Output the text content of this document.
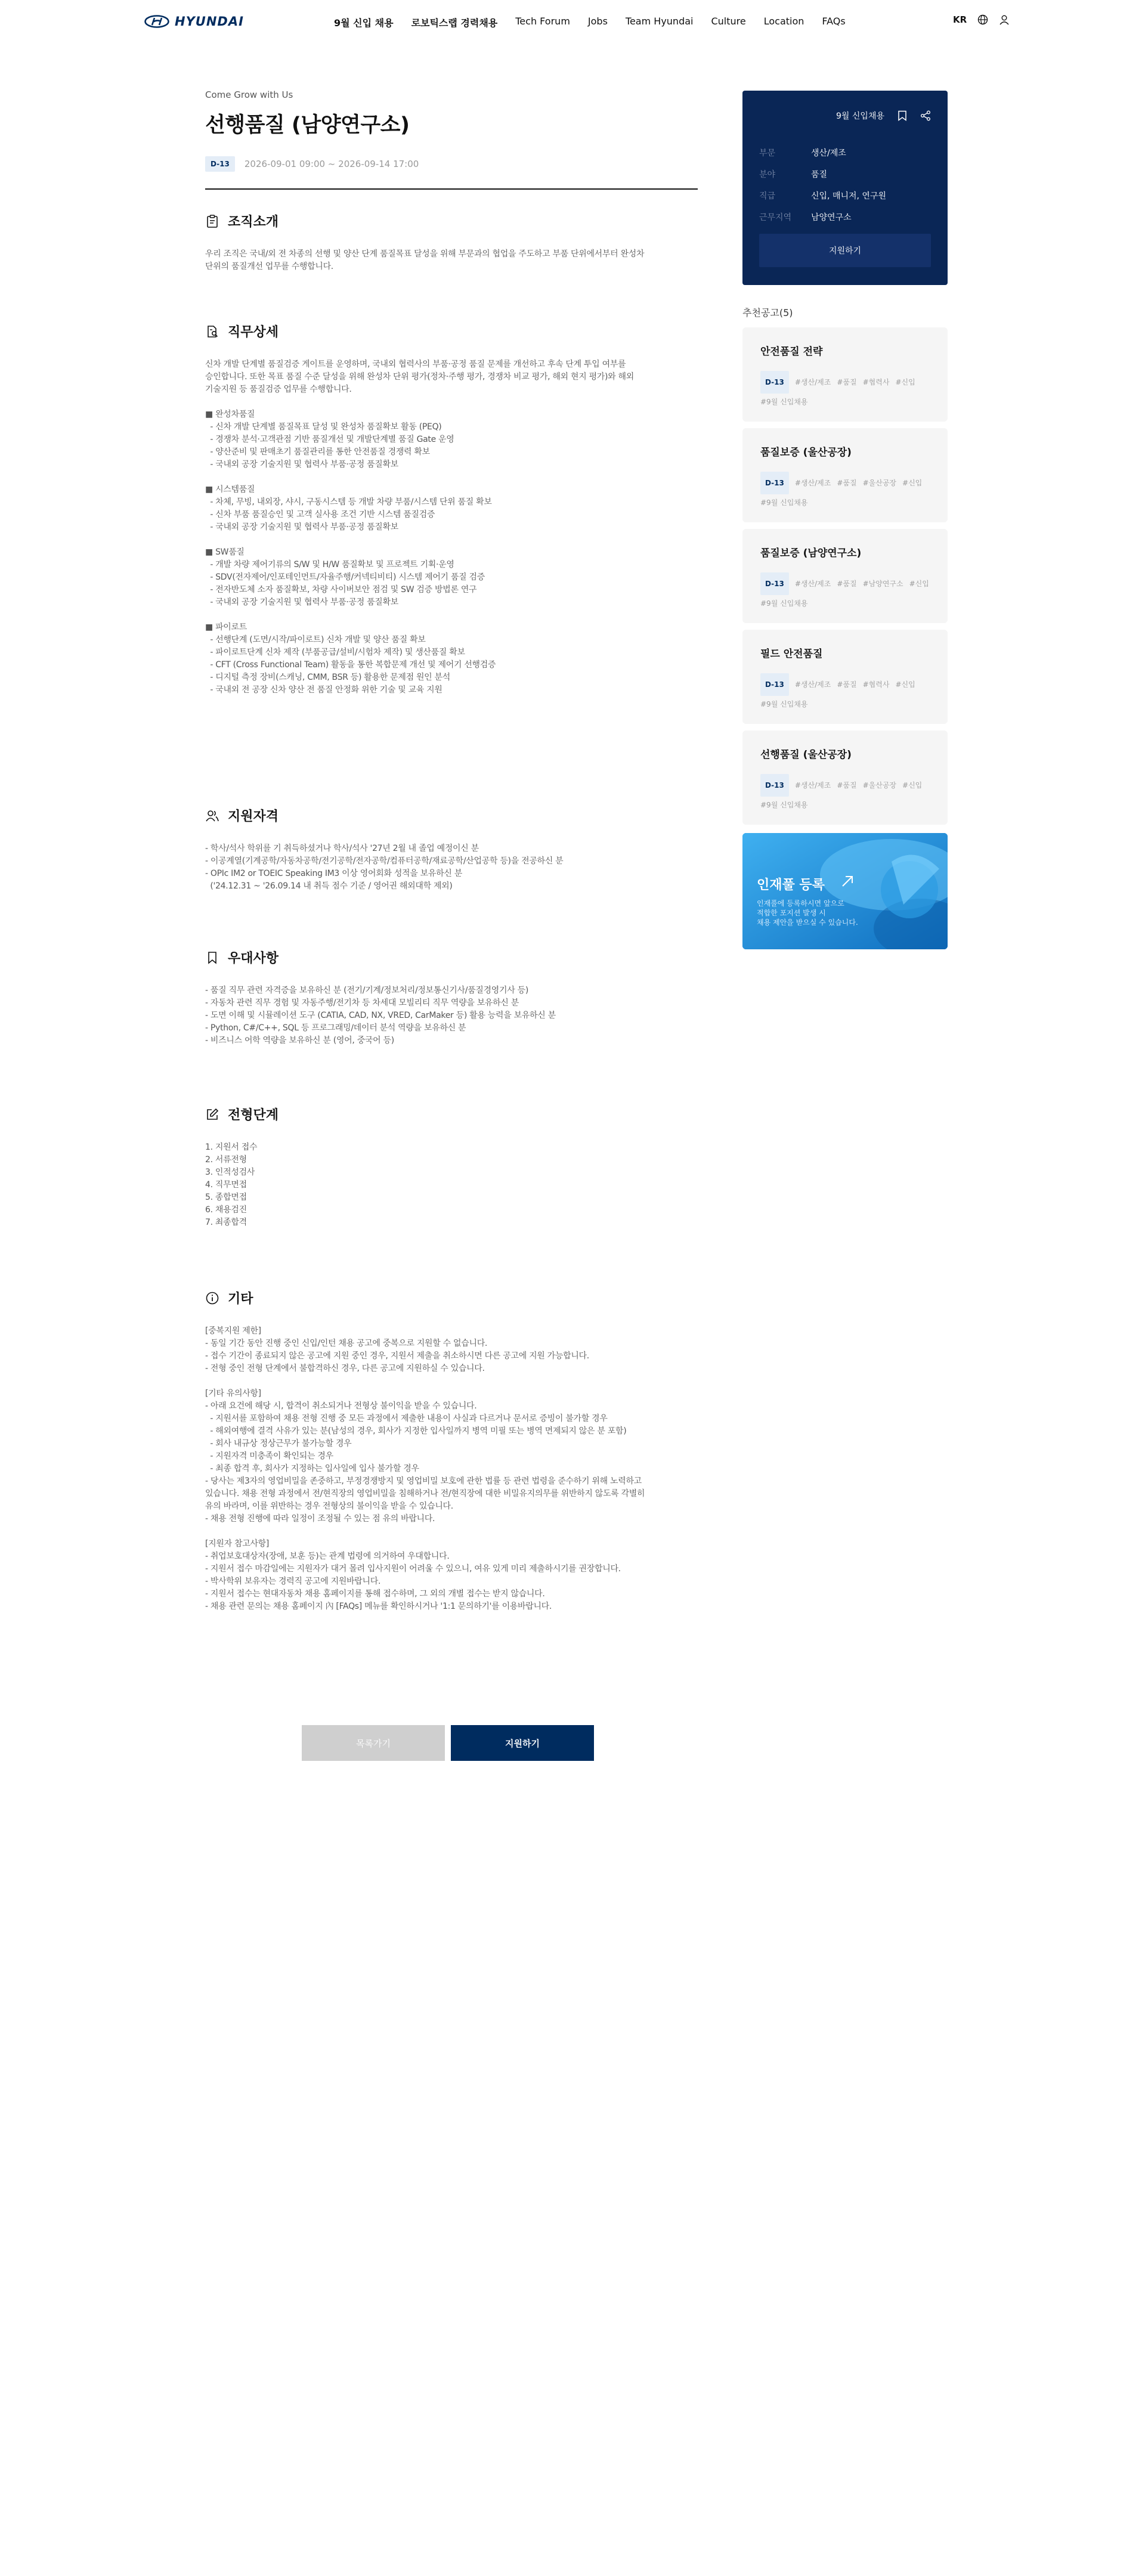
HYUNDAI	9월 신입 채용 로보틱스랩 경력채용 Tech Forum Jobs Team Hyundai Culture Location FAQs	KR
Come Grow with Us
선행품질 (남양연구소)
D-13	2026-09-01 09:00 ~ 2026-09-14 17:00
조직소개
우리 조직은 국내/외 전 차종의 선행 및 양산 단계 품질목표 달성을 위해 부문과의 협업을 주도하고 부품 단위에서부터 완성차
단위의 품질개선 업무를 수행합니다.
직무상세
신차 개발 단계별 품질검증 게이트를 운영하며, 국내외 협력사의 부품·공정 품질 문제를 개선하고 후속 단계 투입 여부를
승인합니다. 또한 목표 품질 수준 달성을 위해 완성차 단위 평가(정차·주행 평가, 경쟁차 비교 평가, 해외 현지 평가)와 해외
기술지원 등 품질검증 업무를 수행합니다.

■ 완성차품질
- 신차 개발 단계별 품질목표 달성 및 완성차 품질확보 활동 (PEQ)
- 경쟁차 분석·고객관점 기반 품질개선 및 개발단계별 품질 Gate 운영
- 양산준비 및 판매초기 품질관리를 통한 안전품질 경쟁력 확보
- 국내외 공장 기술지원 및 협력사 부품·공정 품질확보

■ 시스템품질
- 차체, 무빙, 내외장, 샤시, 구동시스템 등 개발 차량 부품/시스템 단위 품질 확보
- 신차 부품 품질승인 및 고객 실사용 조건 기반 시스템 품질검증
- 국내외 공장 기술지원 및 협력사 부품·공정 품질확보

■ SW품질
- 개발 차량 제어기류의 S/W 및 H/W 품질확보 및 프로젝트 기획·운영
- SDV(전자제어/인포테인먼트/자율주행/커넥티비티) 시스템 제어기 품질 검증
- 전자반도체 소자 품질확보, 차량 사이버보안 점검 및 SW 검증 방법론 연구
- 국내외 공장 기술지원 및 협력사 부품·공정 품질확보

■ 파이로트
- 선행단계 (도면/시작/파이로트) 신차 개발 및 양산 품질 확보
- 파이로트단계 신차 제작 (부품공급/설비/시험차 제작) 및 생산품질 확보
- CFT (Cross Functional Team) 활동을 통한 복합문제 개선 및 제어기 선행검증
- 디지털 측정 장비(스캐닝, CMM, BSR 등) 활용한 문제점 원인 분석
- 국내외 전 공장 신차 양산 전 품질 안정화 위한 기술 및 교육 지원
지원자격
- 학사/석사 학위를 기 취득하셨거나 학사/석사 '27년 2월 내 졸업 예정이신 분
- 이공계열(기계공학/자동차공학/전기공학/전자공학/컴퓨터공학/재료공학/산업공학 등)을 전공하신 분
- OPIc IM2 or TOEIC Speaking IM3 이상 영어회화 성적을 보유하신 분
('24.12.31 ~ '26.09.14 내 취득 점수 기준 / 영어권 해외대학 제외)
우대사항
- 품질 직무 관련 자격증을 보유하신 분 (전기/기계/정보처리/정보통신기사/품질경영기사 등)
- 자동차 관련 직무 경험 및 자동주행/전기차 등 차세대 모빌리티 직무 역량을 보유하신 분
- 도면 이해 및 시뮬레이션 도구 (CATIA, CAD, NX, VRED, CarMaker 등) 활용 능력을 보유하신 분
- Python, C#/C++, SQL 등 프로그래밍/데이터 분석 역량을 보유하신 분
- 비즈니스 어학 역량을 보유하신 분 (영어, 중국어 등)
전형단계
1. 지원서 접수
2. 서류전형
3. 인적성검사
4. 직무면접
5. 종합면접
6. 채용검진
7. 최종합격
기타
[중복지원 제한]
- 동일 기간 동안 진행 중인 신입/인턴 채용 공고에 중복으로 지원할 수 없습니다.
- 접수 기간이 종료되지 않은 공고에 지원 중인 경우, 지원서 제출을 취소하시면 다른 공고에 지원 가능합니다.
- 전형 중인 전형 단계에서 불합격하신 경우, 다른 공고에 지원하실 수 있습니다.

[기타 유의사항]
- 아래 요건에 해당 시, 합격이 취소되거나 전형상 불이익을 받을 수 있습니다.
- 지원서를 포함하여 채용 전형 진행 중 모든 과정에서 제출한 내용이 사실과 다르거나 문서로 증빙이 불가할 경우
- 해외여행에 결격 사유가 있는 분(남성의 경우, 회사가 지정한 입사일까지 병역 미필 또는 병역 면제되지 않은 분 포함)
- 회사 내규상 정상근무가 불가능할 경우
- 지원자격 미충족이 확인되는 경우
- 최종 합격 후, 회사가 지정하는 입사일에 입사 불가할 경우
- 당사는 제3자의 영업비밀을 존중하고, 부정경쟁방지 및 영업비밀 보호에 관한 법률 등 관련 법령을 준수하기 위해 노력하고
있습니다. 채용 전형 과정에서 전/현직장의 영업비밀을 침해하거나 전/현직장에 대한 비밀유지의무를 위반하지 않도록 각별히
유의 바라며, 이를 위반하는 경우 전형상의 불이익을 받을 수 있습니다.
- 채용 전형 진행에 따라 일정이 조정될 수 있는 점 유의 바랍니다.

[지원자 참고사항]
- 취업보호대상자(장애, 보훈 등)는 관계 법령에 의거하여 우대합니다.
- 지원서 접수 마감일에는 지원자가 대거 몰려 입사지원이 어려울 수 있으니, 여유 있게 미리 제출하시기를 권장합니다.
- 박사학위 보유자는 경력직 공고에 지원바랍니다.
- 지원서 접수는 현대자동차 채용 홈페이지를 통해 접수하며, 그 외의 개별 접수는 받지 않습니다.
- 채용 관련 문의는 채용 홈페이지 內 [FAQs] 메뉴를 확인하시거나 '1:1 문의하기'를 이용바랍니다.
9월 신입채용
부문	생산/제조
분야	품질
직급	신입, 매니저, 연구원
근무지역	남양연구소
지원하기
추천공고(5)
안전품질 전략
D-13	#생산/제조 #품질 #협력사 #신입
#9월 신입채용
품질보증 (울산공장)
D-13	#생산/제조 #품질 #울산공장 #신입
#9월 신입채용
품질보증 (남양연구소)
D-13	#생산/제조 #품질 #남양연구소 #신입
#9월 신입채용
필드 안전품질
D-13	#생산/제조 #품질 #협력사 #신입
#9월 신입채용
선행품질 (울산공장)
D-13	#생산/제조 #품질 #울산공장 #신입
#9월 신입채용
인재풀 등록
인재풀에 등록하시면 앞으로
적합한 포지션 발생 시
채용 제안을 받으실 수 있습니다.
목록가기	지원하기
